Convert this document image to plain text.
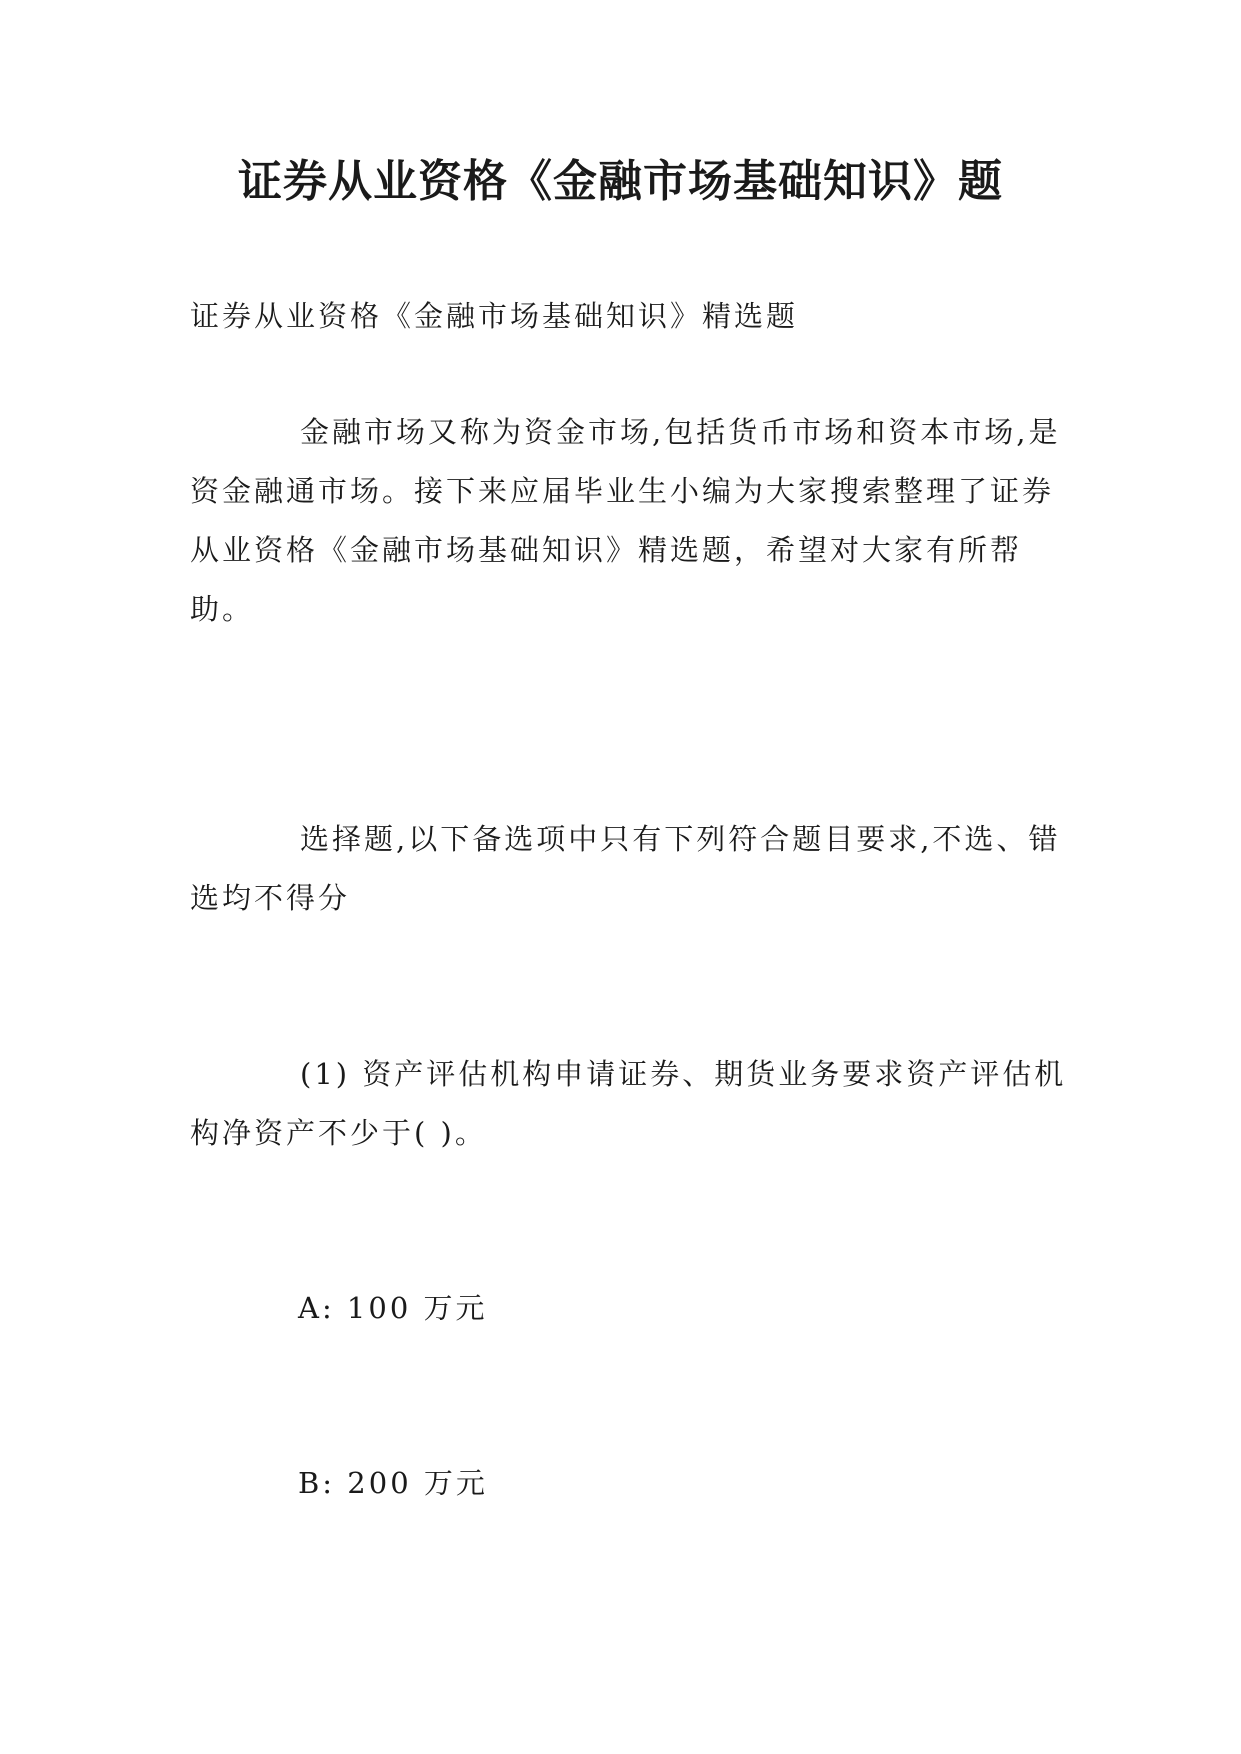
证券从业资格《金融市场基础知识》题

证券从业资格《金融市场基础知识》精选题

金融市场又称为资金市场,包括货币市场和资本市场,是资金融通市场。接下来应届毕业生小编为大家搜索整理了证券从业资格《金融市场基础知识》精选题，希望对大家有所帮助。

选择题,以下备选项中只有下列符合题目要求,不选、错选均不得分

(1) 资产评估机构申请证券、期货业务要求资产评估机构净资产不少于( )。

A: 100 万元

B: 200 万元
